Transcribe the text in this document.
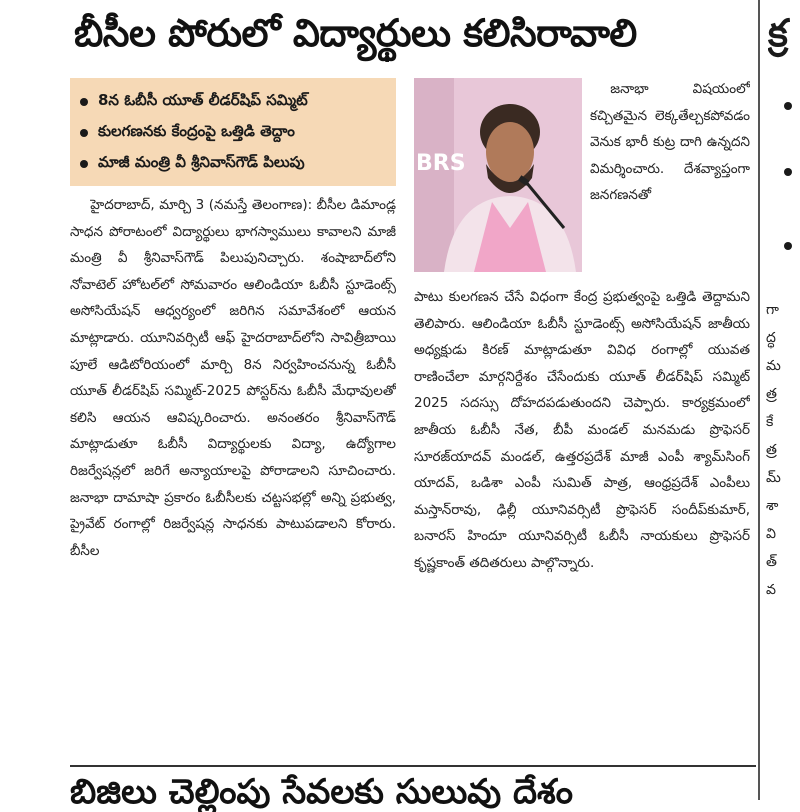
బీసీల పోరులో విద్యార్థులు కలిసిరావాలి	క్ర
8న ఓబీసీ యూత్ లీడర్‌షిప్ సమ్మిట్
కులగణనకు కేంద్రంపై ఒత్తిడి తెద్దాం
మాజీ మంత్రి వీ శ్రీనివాస్‌గౌడ్ పిలుపు	BRS

హైదరాబాద్, మార్చి 3 (నమస్తే తెలంగాణ): బీసీల డిమాండ్ల సాధన పోరాటంలో విద్యార్థులు భాగస్వాములు కావాలని మాజీ మంత్రి వీ శ్రీనివాస్‌గౌడ్ పిలుపునిచ్చారు. శంషాబాద్‌లోని నోవాటెల్ హోటల్‌లో సోమవారం ఆలిండియా ఓబీసీ స్టూడెంట్స్ అసోసియేషన్ ఆధ్వర్యంలో జరిగిన సమావేశంలో ఆయన మాట్లాడారు. యూనివర్సిటీ ఆఫ్ హైదరాబాద్‌లోని సావిత్రీబాయి పూలే ఆడిటోరియంలో మార్చి 8న నిర్వహించనున్న ఓబీసీ యూత్ లీడర్‌షిప్ సమ్మిట్-2025 పోస్టర్‌ను ఓబీసీ మేధావులతో కలిసి ఆయన ఆవిష్కరించారు. అనంతరం శ్రీనివాస్‌గౌడ్ మాట్లాడుతూ ఓబీసీ విద్యార్థులకు విద్యా, ఉద్యోగాల రిజర్వేషన్లలో జరిగే అన్యాయాలపై పోరాడాలని సూచించారు. జనాభా దామాషా ప్రకారం ఓబీసీలకు చట్టసభల్లో అన్ని ప్రభుత్వ, ప్రైవేట్ రంగాల్లో రిజర్వేషన్ల సాధనకు పాటుపడాలని కోరారు. బీసీల

జనాభా విషయంలో కచ్చితమైన లెక్కతేల్చకపోవడం వెనుక భారీ కుట్ర దాగి ఉన్నదని విమర్శించారు. దేశవ్యాప్తంగా జనగణనతో

పాటు కులగణన చేసే విధంగా కేంద్ర ప్రభుత్వంపై ఒత్తిడి తెద్దామని తెలిపారు. ఆలిండియా ఓబీసీ స్టూడెంట్స్ అసోసియేషన్ జాతీయ అధ్యక్షుడు కిరణ్ మాట్లాడుతూ వివిధ రంగాల్లో యువత రాణించేలా మార్గనిర్దేశం చేసేందుకు యూత్ లీడర్‌షిప్ సమ్మిట్ 2025 సదస్సు దోహదపడుతుందని చెప్పారు. కార్యక్రమంలో జాతీయ ఓబీసీ నేత, బీపీ మండల్ మనమడు ప్రొఫెసర్ సూరజ్‌యాదవ్ మండల్, ఉత్తరప్రదేశ్ మాజీ ఎంపీ శ్యామ్‌సింగ్ యాదవ్, ఒడిశా ఎంపీ సుమిత్ పాత్ర, ఆంధ్రప్రదేశ్ ఎంపీలు మస్తాన్‌రావు, ఢిల్లీ యూనివర్సిటీ ప్రొఫెసర్ సందీప్‌కుమార్, బనారస్ హిందూ యూనివర్సిటీ ఓబీసీ నాయకులు ప్రొఫెసర్ కృష్ణకాంత్ తదితరులు పాల్గొన్నారు.

బిజిలు చెల్లింపు సేవలకు సులువు దేశం
గా
ద్ధ
మ
త్ర
కే
త్ర
మ్
శా
వి
త్
వ
